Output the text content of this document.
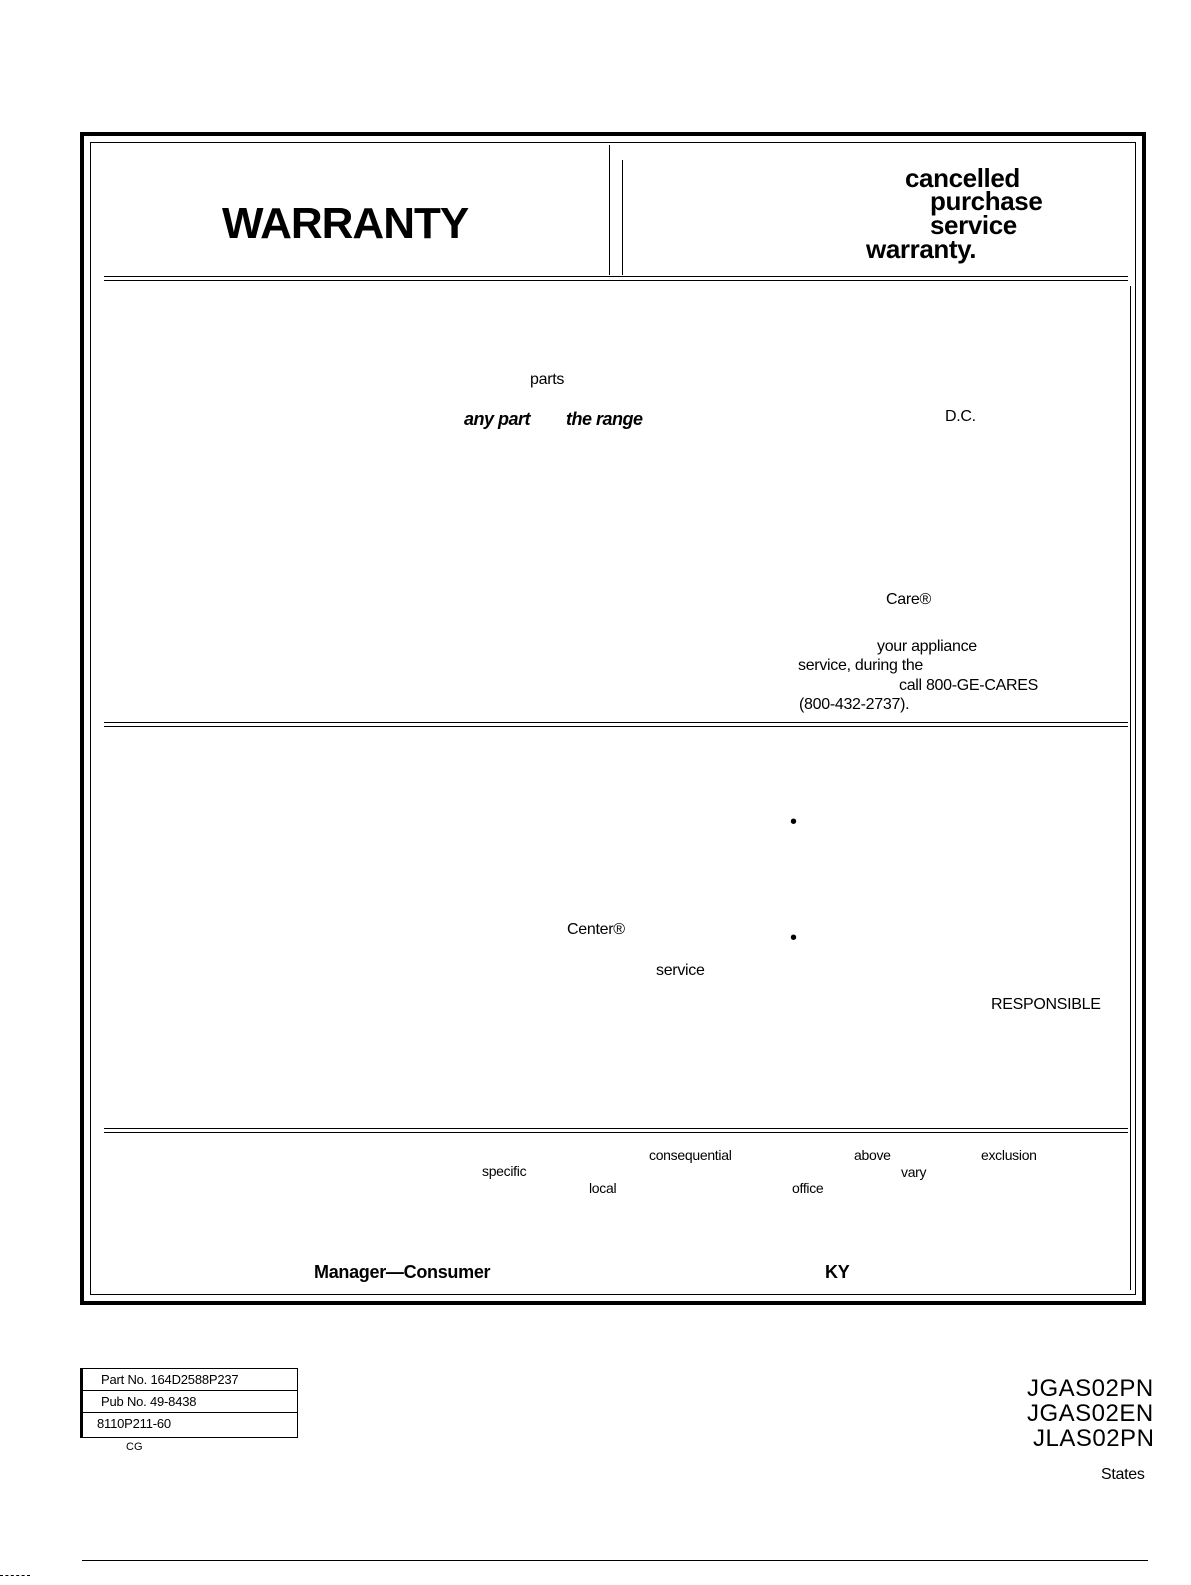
WARRANTY
cancelled
purchase
service
warranty.
parts
any part the range	D.C.
Care®
your appliance
service, during the
call 800-GE-CARES
(800-432-2737).
•
•
Center®
service
RESPONSIBLE
consequential	above	exclusion
specific	vary
local	office
Manager—Consumer	KY
Part No. 164D2588P237
Pub No. 49-8438
8110P211-60
CG
JGAS02PN
JGAS02EN
JLAS02PN
States
